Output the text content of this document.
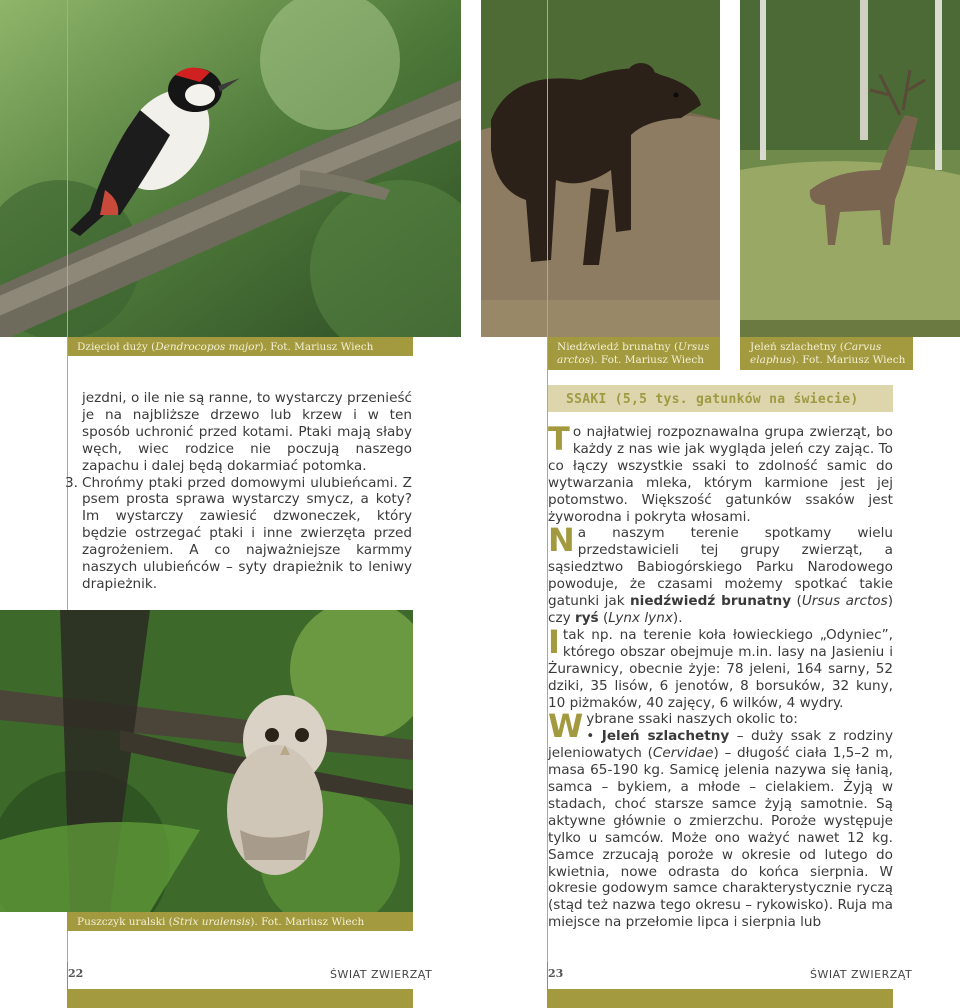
Dzięcioł duży (Dendrocopos major). Fot. Mariusz Wiech	Niedźwiedź brunatny (Ursus
arctos). Fot. Mariusz Wiech
Jeleń szlachetny (Carvus
elaphus). Fot. Mariusz Wiech

jezdni, o ile nie są ranne, to wystarczy przenieść je na najbliższe drzewo lub krzew i w ten sposób uchronić przed kotami. Ptaki mają słaby węch, wiec rodzice nie poczują naszego zapachu i dalej będą dokarmiać potomka.

3. Chrońmy ptaki przed domowymi ulubieńcami. Z psem prosta sprawa wystarczy smycz, a koty? Im wystarczy zawiesić dzwoneczek, który będzie ostrzegać ptaki i inne zwierzęta przed zagrożeniem. A co najważniejsze karmmy naszych ulubieńców – syty drapieżnik to leniwy drapieżnik.
Puszczyk uralski (Strix uralensis). Fot. Mariusz Wiech
SSAKI (5,5 tys. gatunków na świecie)

To najłatwiej rozpoznawalna grupa zwierząt, bo każdy z nas wie jak wygląda jeleń czy zając. To co łączy wszystkie ssaki to zdolność samic do wytwarzania mleka, którym karmione jest jej potomstwo. Większość gatunków ssaków jest żyworodna i pokryta włosami.

Na naszym terenie spotkamy wielu przedstawicieli tej grupy zwierząt, a sąsiedztwo Babiogórskiego Parku Narodowego powoduje, że czasami możemy spotkać takie gatunki jak niedźwiedź brunatny (Ursus arctos) czy ryś (Lynx lynx).

Itak np. na terenie koła łowieckiego „Odyniec”, którego obszar obejmuje m.in. lasy na Jasieniu i Żurawnicy, obecnie żyje: 78 jeleni, 164 sarny, 52 dziki, 35 lisów, 6 jenotów, 8 borsuków, 32 kuny, 10 piżmaków, 40 zajęcy, 6 wilków, 4 wydry.

Wybrane ssaki naszych okolic to:
• Jeleń szlachetny – duży ssak z rodziny jeleniowatych (Cervidae) – długość ciała 1,5–2 m, masa 65-190 kg. Samicę jelenia nazywa się łanią, samca – bykiem, a młode – cielakiem. Żyją w stadach, choć starsze samce żyją samotnie. Są aktywne głównie o zmierzchu. Poroże występuje tylko u samców. Może ono ważyć nawet 12 kg. Samce zrzucają poroże w okresie od lutego do kwietnia, nowe odrasta do końca sierpnia. W okresie godowym samce charakterystycznie ryczą (stąd też nazwa tego okresu – rykowisko). Ruja ma miejsce na przełomie lipca i sierpnia lub

22	ŚWIAT ZWIERZĄT	23	ŚWIAT ZWIERZĄT
